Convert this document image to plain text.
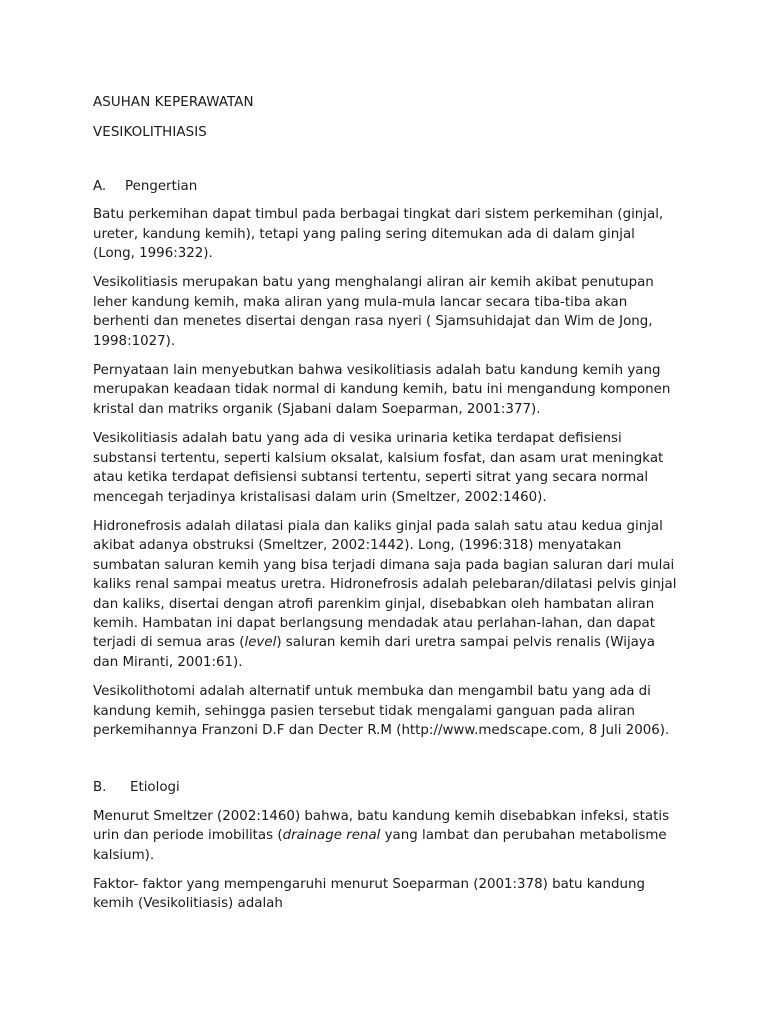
ASUHAN KEPERAWATAN

VESIKOLITHIASIS

A. Pengertian

Batu perkemihan dapat timbul pada berbagai tingkat dari sistem perkemihan (ginjal, ureter, kandung kemih), tetapi yang paling sering ditemukan ada di dalam ginjal (Long, 1996:322).

Vesikolitiasis merupakan batu yang menghalangi aliran air kemih akibat penutupan leher kandung kemih, maka aliran yang mula-mula lancar secara tiba-tiba akan berhenti dan menetes disertai dengan rasa nyeri ( Sjamsuhidajat dan Wim de Jong, 1998:1027).

Pernyataan lain menyebutkan bahwa vesikolitiasis adalah batu kandung kemih yang merupakan keadaan tidak normal di kandung kemih, batu ini mengandung komponen kristal dan matriks organik (Sjabani dalam Soeparman, 2001:377).

Vesikolitiasis adalah batu yang ada di vesika urinaria ketika terdapat defisiensi substansi tertentu, seperti kalsium oksalat, kalsium fosfat, dan asam urat meningkat atau ketika terdapat defisiensi subtansi tertentu, seperti sitrat yang secara normal mencegah terjadinya kristalisasi dalam urin (Smeltzer, 2002:1460).

Hidronefrosis adalah dilatasi piala dan kaliks ginjal pada salah satu atau kedua ginjal akibat adanya obstruksi (Smeltzer, 2002:1442). Long, (1996:318) menyatakan sumbatan saluran kemih yang bisa terjadi dimana saja pada bagian saluran dari mulai kaliks renal sampai meatus uretra. Hidronefrosis adalah pelebaran/dilatasi pelvis ginjal dan kaliks, disertai dengan atrofi parenkim ginjal, disebabkan oleh hambatan aliran kemih. Hambatan ini dapat berlangsung mendadak atau perlahan-lahan, dan dapat terjadi di semua aras (level) saluran kemih dari uretra sampai pelvis renalis (Wijaya dan Miranti, 2001:61).

Vesikolithotomi adalah alternatif untuk membuka dan mengambil batu yang ada di kandung kemih, sehingga pasien tersebut tidak mengalami ganguan pada aliran perkemihannya Franzoni D.F dan Decter R.M (http://www.medscape.com, 8 Juli 2006).

B. Etiologi

Menurut Smeltzer (2002:1460) bahwa, batu kandung kemih disebabkan infeksi, statis urin dan periode imobilitas (drainage renal yang lambat dan perubahan metabolisme kalsium).

Faktor- faktor yang mempengaruhi menurut Soeparman (2001:378) batu kandung kemih (Vesikolitiasis) adalah
